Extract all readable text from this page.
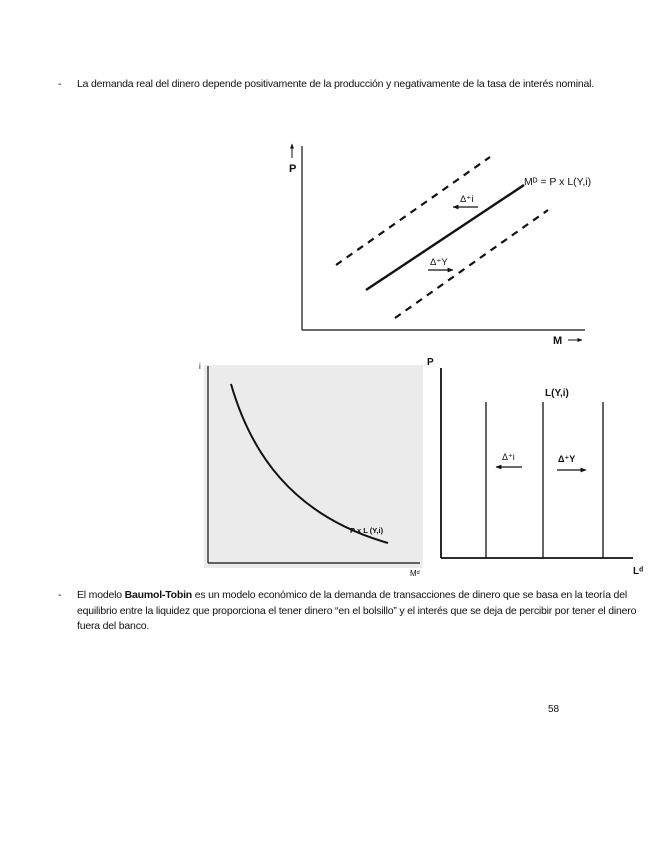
- La demanda real del dinero depende positivamente de la producción y negativamente de la tasa de interés nominal.
P
M
Mᴰ = P x L(Y,i)
Δ⁺i
Δ⁺Y
i
Mᵈ
P x L (Y,i)
P
Lᵈ
L(Y,i)
Δ⁺i	Δ⁺Y
- El modelo Baumol-Tobin es un modelo económico de la demanda de transacciones de dinero que se basa en la teoría del equilibrio entre la liquidez que proporciona el tener dinero “en el bolsillo” y el interés que se deja de percibir por tener el dinero fuera del banco.
58
